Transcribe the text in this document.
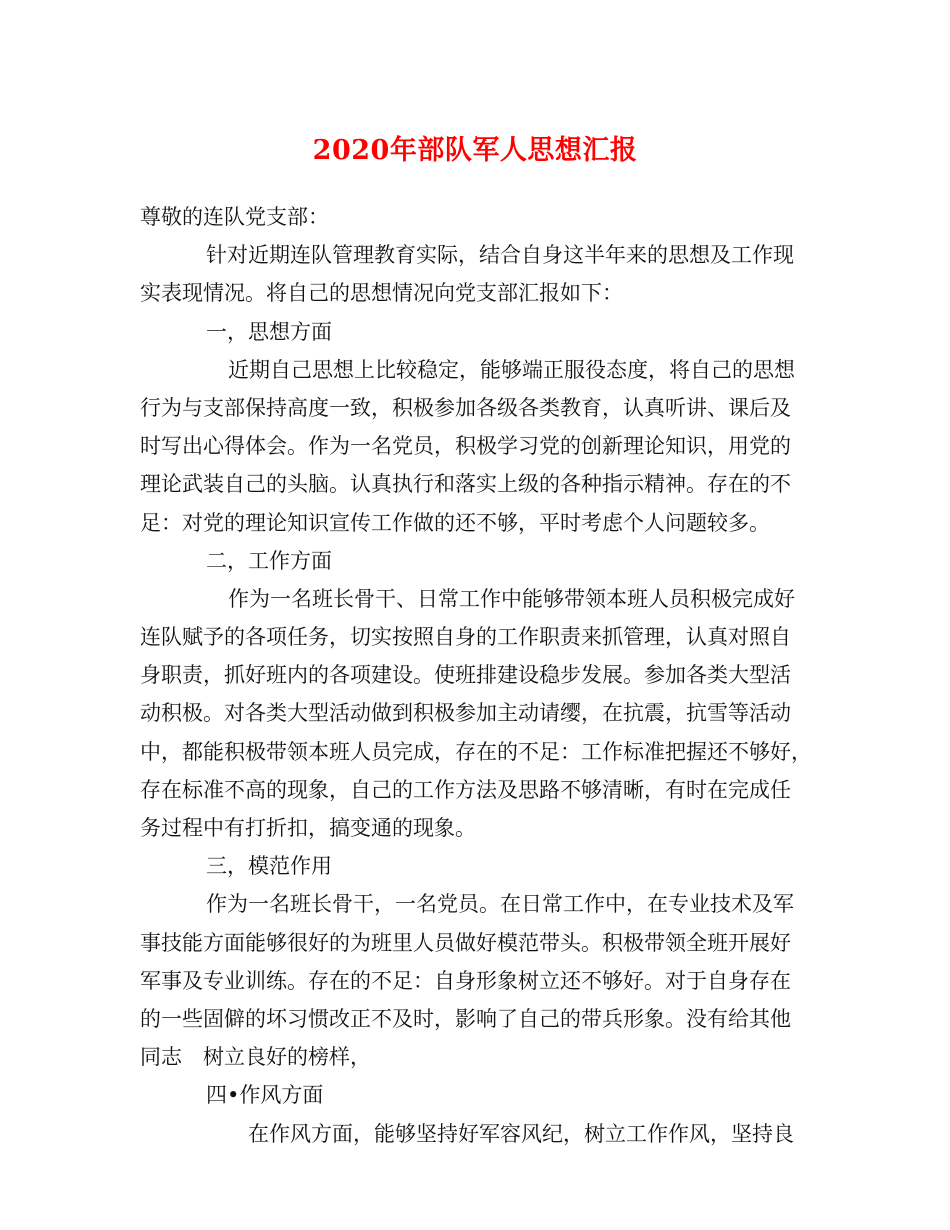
2020年部队军人思想汇报
尊敬的连队党支部：
针对近期连队管理教育实际，结合自身这半年来的思想及工作现
实表现情况。将自己的思想情况向党支部汇报如下：
一，思想方面
近期自己思想上比较稳定，能够端正服役态度，将自己的思想
行为与支部保持高度一致，积极参加各级各类教育，认真听讲、课后及
时写出心得体会。作为一名党员，积极学习党的创新理论知识，用党的
理论武装自己的头脑。认真执行和落实上级的各种指示精神。存在的不
足：对党的理论知识宣传工作做的还不够，平时考虑个人问题较多。
二，工作方面
作为一名班长骨干、日常工作中能够带领本班人员积极完成好
连队赋予的各项任务，切实按照自身的工作职责来抓管理，认真对照自
身职责，抓好班内的各项建设。使班排建设稳步发展。参加各类大型活
动积极。对各类大型活动做到积极参加主动请缨，在抗震，抗雪等活动
中，都能积极带领本班人员完成，存在的不足：工作标准把握还不够好，
存在标准不高的现象，自己的工作方法及思路不够清晰，有时在完成任
务过程中有打折扣，搞变通的现象。
三，模范作用
作为一名班长骨干，一名党员。在日常工作中，在专业技术及军
事技能方面能够很好的为班里人员做好模范带头。积极带领全班开展好
军事及专业训练。存在的不足：自身形象树立还不够好。对于自身存在
的一些固僻的坏习惯改正不及时，影响了自己的带兵形象。没有给其他
同志　树立良好的榜样，
四•作风方面
在作风方面，能够坚持好军容风纪，树立工作作风，坚持良
